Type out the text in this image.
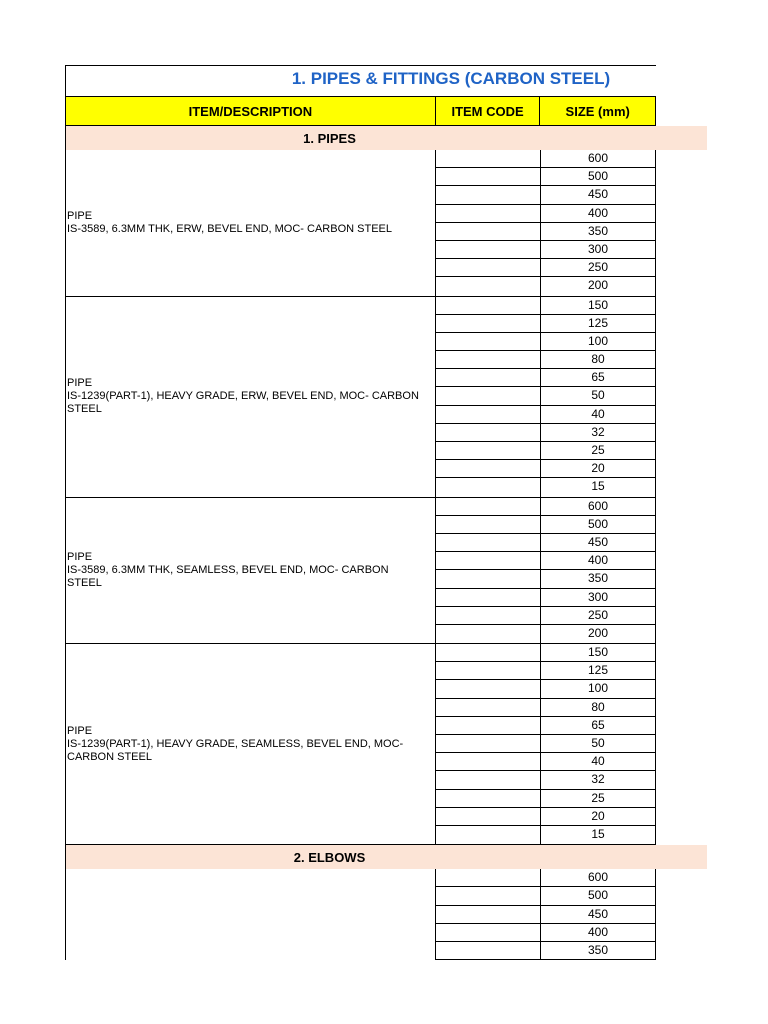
1. PIPES & FITTINGS (CARBON STEEL)
ITEM/DESCRIPTION	ITEM CODE	SIZE (mm)
1. PIPES
PIPE
IS-3589, 6.3MM THK, ERW, BEVEL END, MOC- CARBON STEEL
600
500
450
400
350
300
250
200
PIPE
IS-1239(PART-1), HEAVY GRADE, ERW, BEVEL END, MOC- CARBON STEEL
150
125
100
80
65
50
40
32
25
20
15
PIPE
IS-3589, 6.3MM THK, SEAMLESS, BEVEL END, MOC- CARBON STEEL
600
500
450
400
350
300
250
200
PIPE
IS-1239(PART-1), HEAVY GRADE, SEAMLESS, BEVEL END, MOC- CARBON STEEL
150
125
100
80
65
50
40
32
25
20
15
2. ELBOWS
600
500
450
400
350
